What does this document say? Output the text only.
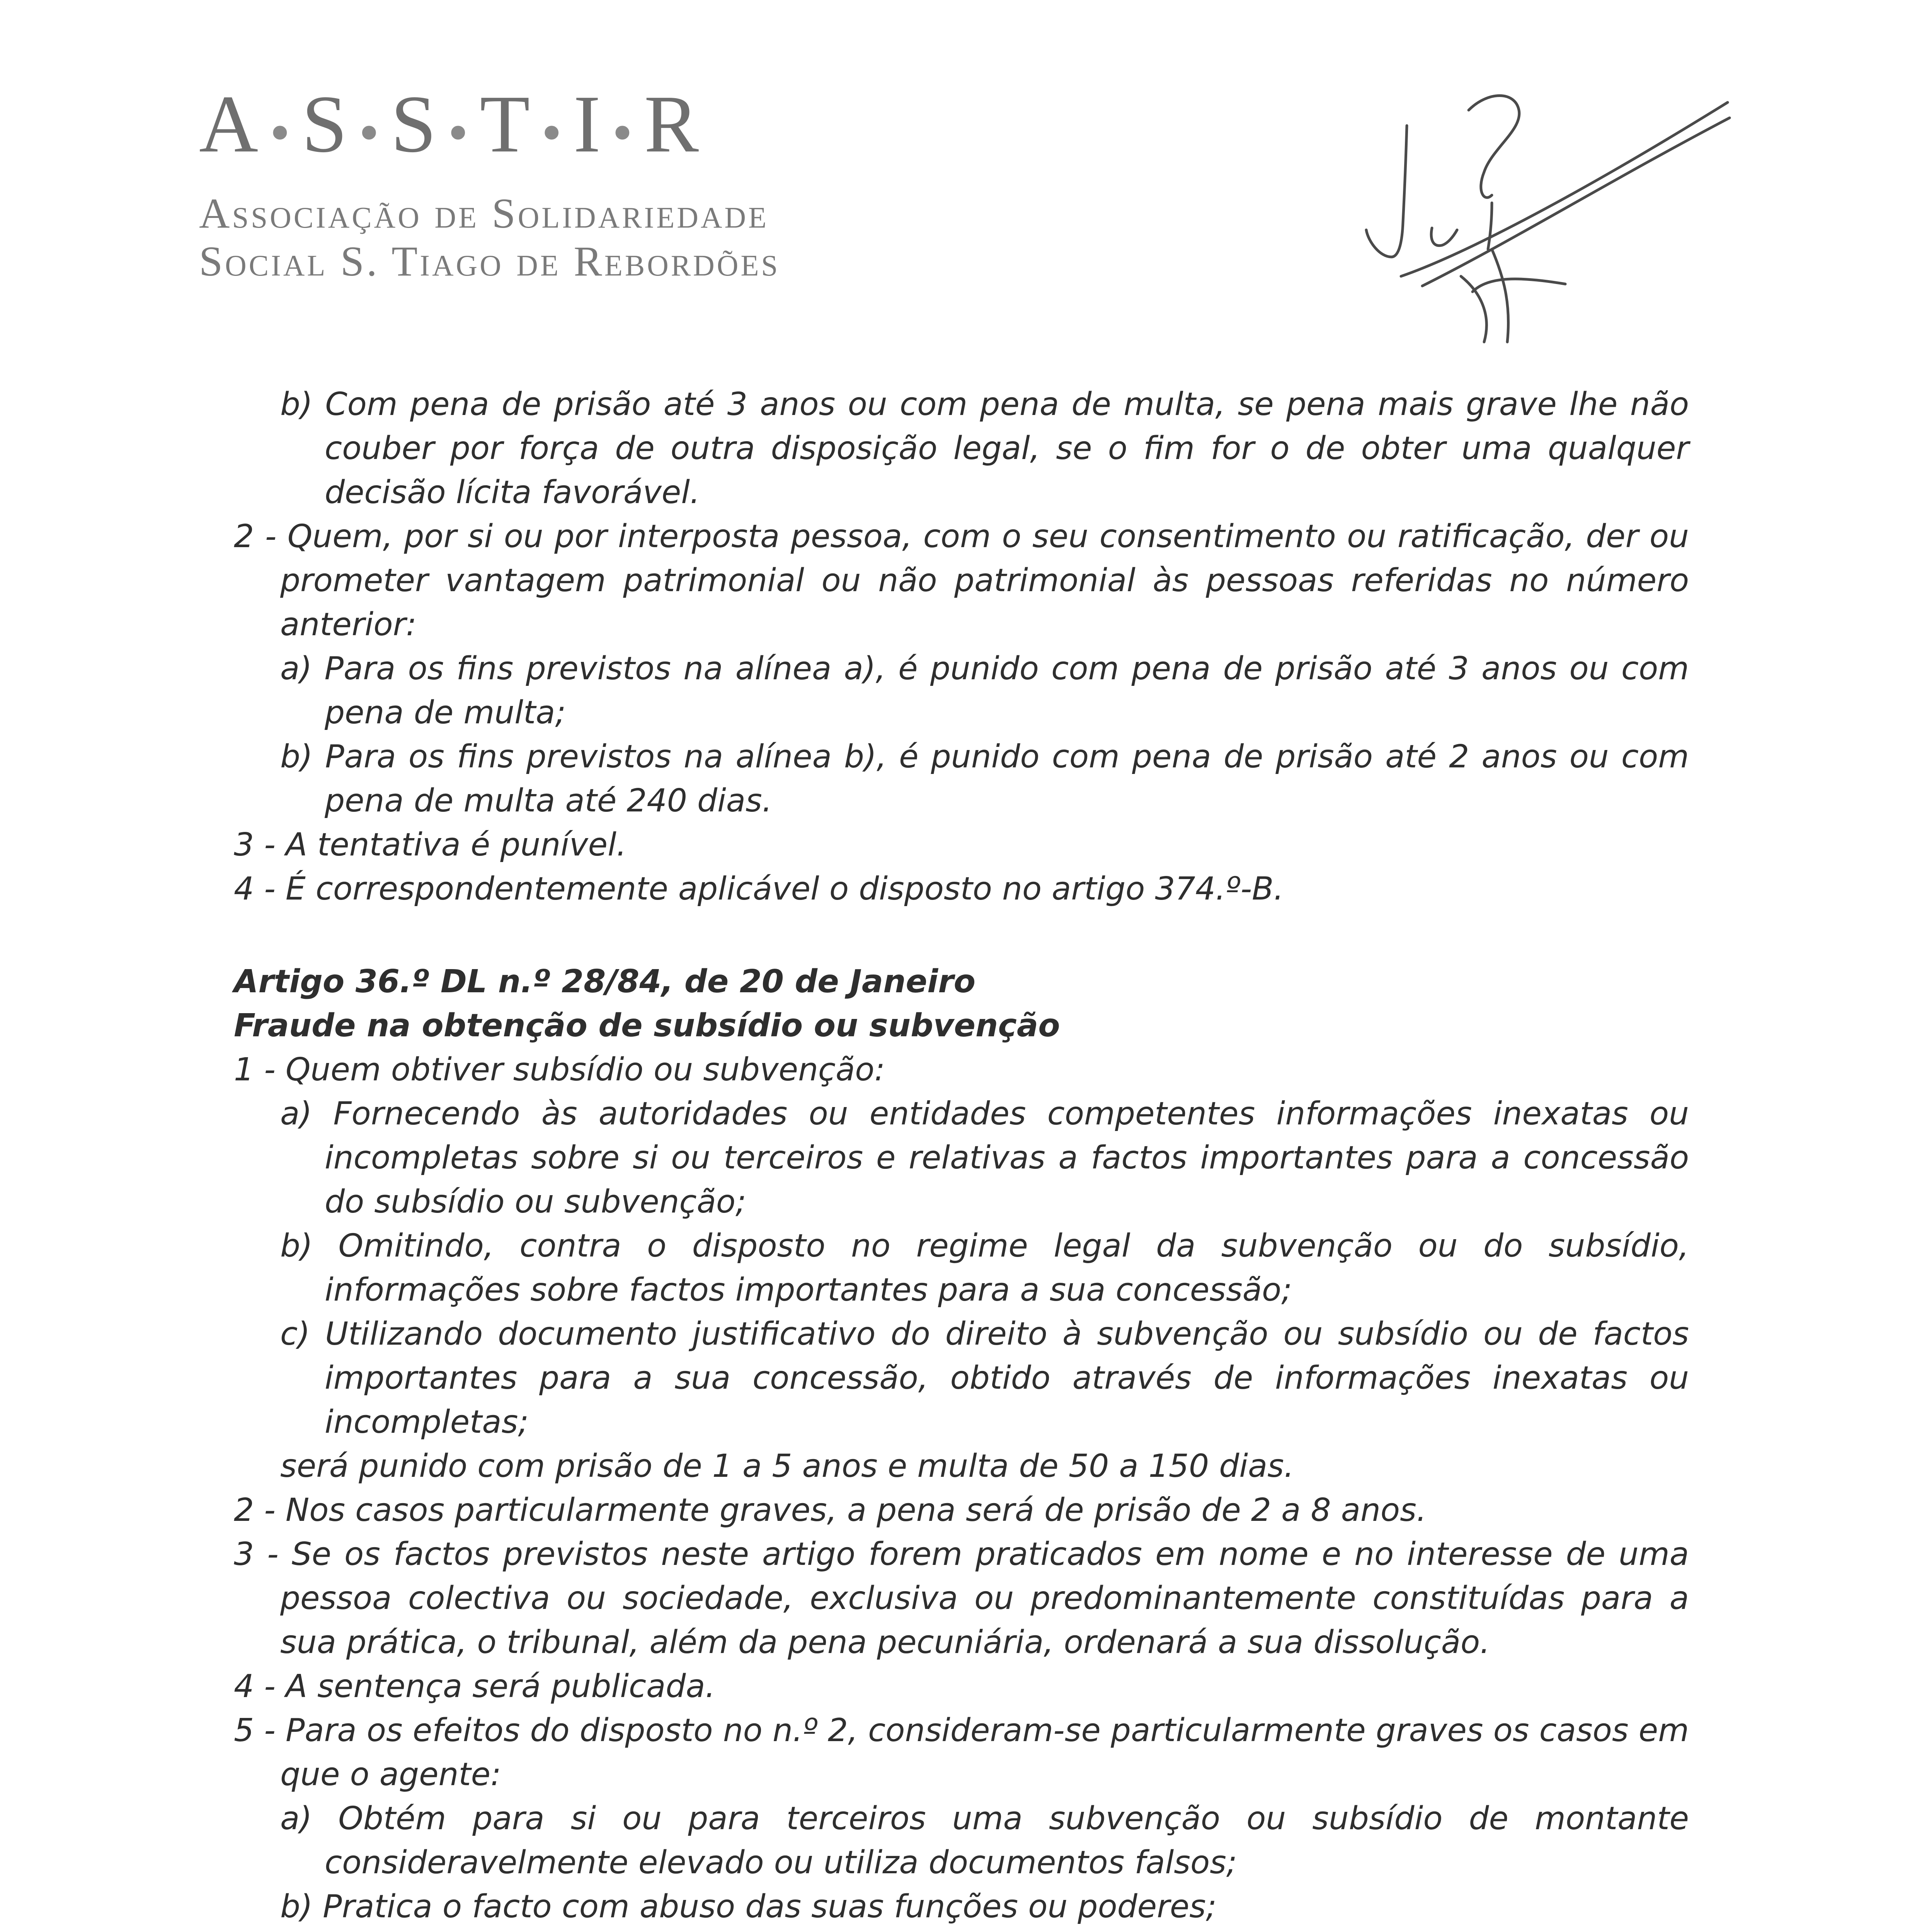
A • S • S • T • I • R
Associação de Solidariedade
Social S. Tiago de Rebordões

b) Com pena de prisão até 3 anos ou com pena de multa, se pena mais grave lhe não couber por força de outra disposição legal, se o fim for o de obter uma qualquer decisão lícita favorável.

2 - Quem, por si ou por interposta pessoa, com o seu consentimento ou ratificação, der ou prometer vantagem patrimonial ou não patrimonial às pessoas referidas no número anterior:

a) Para os fins previstos na alínea a), é punido com pena de prisão até 3 anos ou com pena de multa;

b) Para os fins previstos na alínea b), é punido com pena de prisão até 2 anos ou com pena de multa até 240 dias.

3 - A tentativa é punível.

4 - É correspondentemente aplicável o disposto no artigo 374.º-B.

Artigo 36.º DL n.º 28/84, de 20 de Janeiro

Fraude na obtenção de subsídio ou subvenção

1 - Quem obtiver subsídio ou subvenção:

a) Fornecendo às autoridades ou entidades competentes informações inexatas ou incompletas sobre si ou terceiros e relativas a factos importantes para a concessão do subsídio ou subvenção;

b) Omitindo, contra o disposto no regime legal da subvenção ou do subsídio, informações sobre factos importantes para a sua concessão;

c) Utilizando documento justificativo do direito à subvenção ou subsídio ou de factos importantes para a sua concessão, obtido através de informações inexatas ou incompletas;

será punido com prisão de 1 a 5 anos e multa de 50 a 150 dias.

2 - Nos casos particularmente graves, a pena será de prisão de 2 a 8 anos.

3 - Se os factos previstos neste artigo forem praticados em nome e no interesse de uma pessoa colectiva ou sociedade, exclusiva ou predominantemente constituídas para a sua prática, o tribunal, além da pena pecuniária, ordenará a sua dissolução.

4 - A sentença será publicada.

5 - Para os efeitos do disposto no n.º 2, consideram-se particularmente graves os casos em que o agente:

a) Obtém para si ou para terceiros uma subvenção ou subsídio de montante consideravelmente elevado ou utiliza documentos falsos;

b) Pratica o facto com abuso das suas funções ou poderes;
